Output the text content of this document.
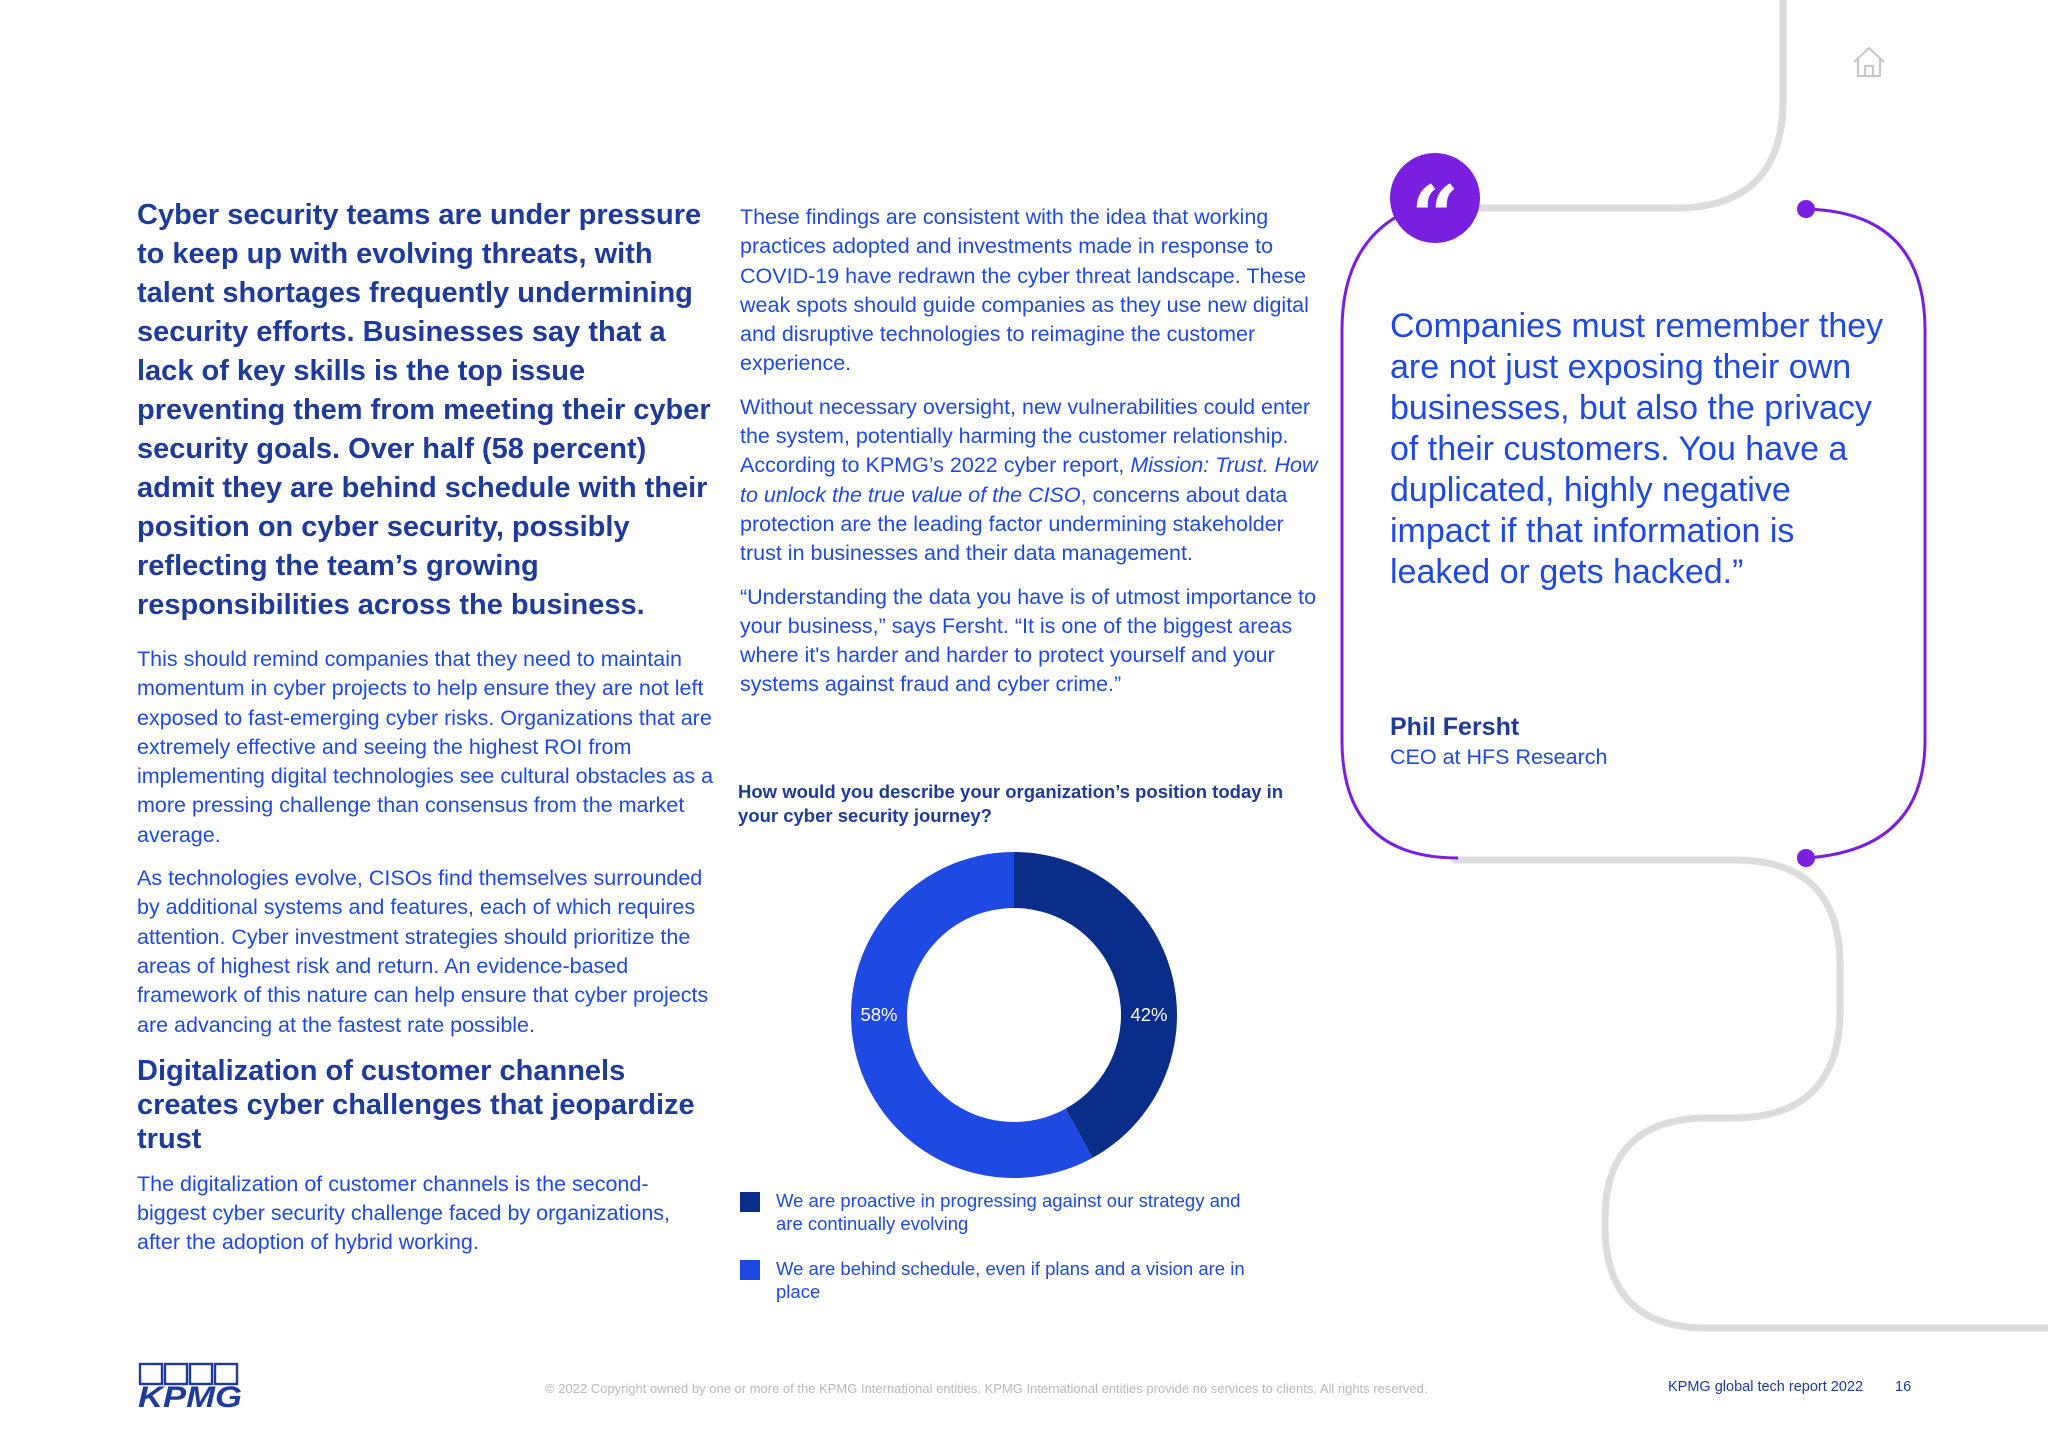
Cyber security teams are under pressure to keep up with evolving threats, with talent shortages frequently undermining security efforts. Businesses say that a lack of key skills is the top issue preventing them from meeting their cyber security goals. Over half (58 percent) admit they are behind schedule with their position on cyber security, possibly reflecting the team’s growing responsibilities across the business.

This should remind companies that they need to maintain momentum in cyber projects to help ensure they are not left exposed to fast-emerging cyber risks. Organizations that are extremely effective and seeing the highest ROI from implementing digital technologies see cultural obstacles as a more pressing challenge than consensus from the market average.

As technologies evolve, CISOs find themselves surrounded by additional systems and features, each of which requires attention. Cyber investment strategies should prioritize the areas of highest risk and return. An evidence-based framework of this nature can help ensure that cyber projects are advancing at the fastest rate possible.

Digitalization of customer channels creates cyber challenges that jeopardize trust

The digitalization of customer channels is the second-biggest cyber security challenge faced by organizations, after the adoption of hybrid working.

These findings are consistent with the idea that working practices adopted and investments made in response to COVID-19 have redrawn the cyber threat landscape. These weak spots should guide companies as they use new digital and disruptive technologies to reimagine the customer experience.

Without necessary oversight, new vulnerabilities could enter the system, potentially harming the customer relationship. According to KPMG’s 2022 cyber report, Mission: Trust. How to unlock the true value of the CISO, concerns about data protection are the leading factor undermining stakeholder trust in businesses and their data management.

“Understanding the data you have is of utmost importance to your business,” says Fersht. “It is one of the biggest areas where it's harder and harder to protect yourself and your systems against fraud and cyber crime.”

How would you describe your organization’s position today in your cyber security journey?
42%
58%
We are proactive in progressing against our strategy and are continually evolving
We are behind schedule, even if plans and a vision are in place
“
Companies must remember they are not just exposing their own businesses, but also the privacy of their customers. You have a duplicated, highly negative impact if that information is leaked or gets hacked.”
Phil Fersht
CEO at HFS Research
KPMG	© 2022 Copyright owned by one or more of the KPMG International entities. KPMG International entities provide no services to clients. All rights reserved.	KPMG global tech report 2022 16
